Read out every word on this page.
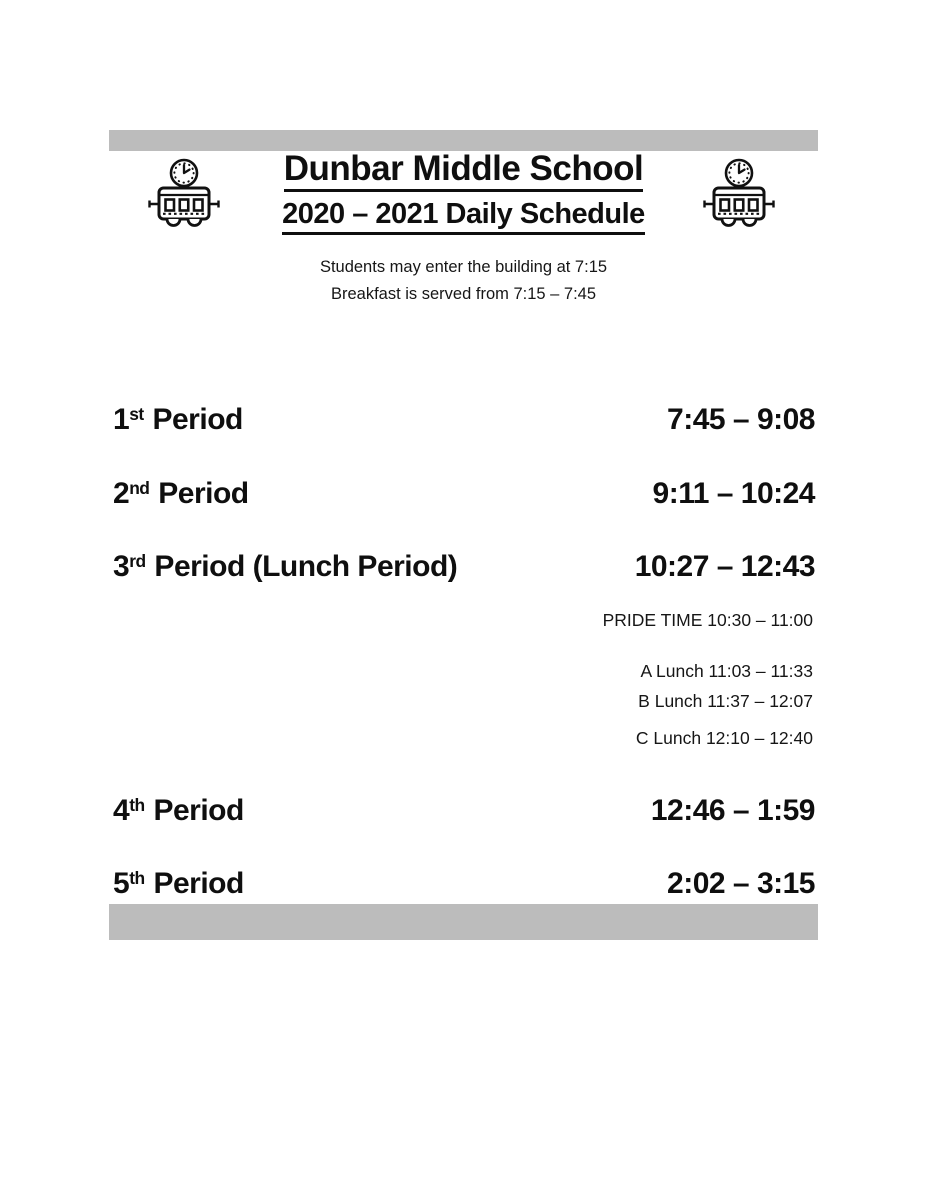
Dunbar Middle School
2020 – 2021 Daily Schedule
Students may enter the building at 7:15
Breakfast is served from 7:15 – 7:45
1st Period	7:45 – 9:08
2nd Period	9:11 – 10:24
3rd Period (Lunch Period)	10:27 – 12:43
PRIDE TIME 10:30 – 11:00
A Lunch 11:03 – 11:33
B Lunch 11:37 – 12:07
C Lunch 12:10 – 12:40
4th Period	12:46 – 1:59
5th Period	2:02 – 3:15
